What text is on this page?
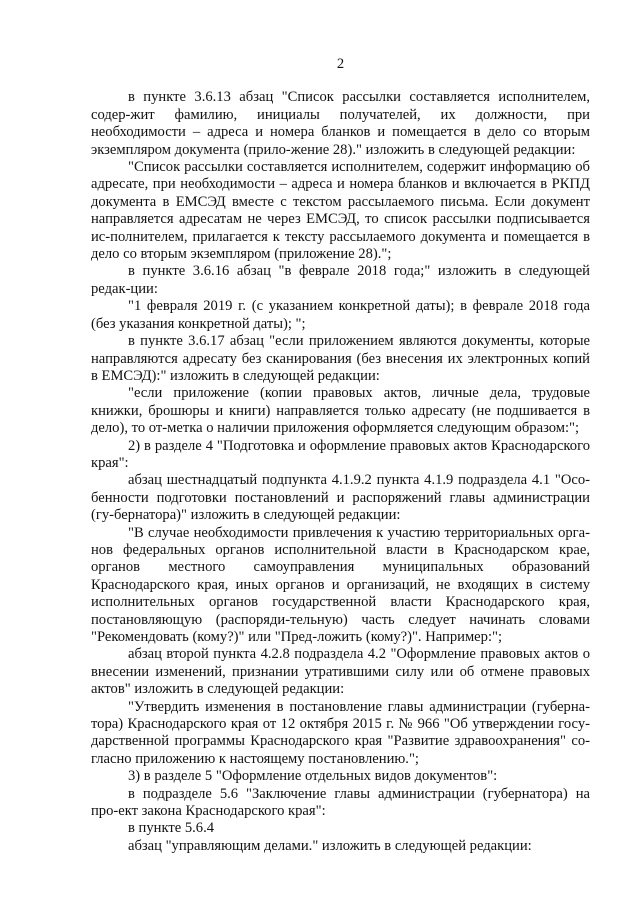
2

в пункте 3.6.13 абзац "Список рассылки составляется исполнителем, содер-жит фамилию, инициалы получателей, их должности, при необходимости – адреса и номера бланков и помещается в дело со вторым экземпляром документа (прило-жение 28)." изложить в следующей редакции:

"Список рассылки составляется исполнителем, содержит информацию об адресате, при необходимости – адреса и номера бланков и включается в РКПД документа в ЕМСЭД вместе с текстом рассылаемого письма. Если документ направляется адресатам не через ЕМСЭД, то список рассылки подписывается ис-полнителем, прилагается к тексту рассылаемого документа и помещается в дело со вторым экземпляром (приложение 28).";

в пункте 3.6.16 абзац "в феврале 2018 года;" изложить в следующей редак-ции:

"1 февраля 2019 г. (с указанием конкретной даты); в феврале 2018 года (без указания конкретной даты); ";

в пункте 3.6.17 абзац "если приложением являются документы, которые направляются адресату без сканирования (без внесения их электронных копий в ЕМСЭД):" изложить в следующей редакции:

"если приложение (копии правовых актов, личные дела, трудовые книжки, брошюры и книги) направляется только адресату (не подшивается в дело), то от-метка о наличии приложения оформляется следующим образом:";

2) в разделе 4 "Подготовка и оформление правовых актов Краснодарского края":

абзац шестнадцатый подпункта 4.1.9.2 пункта 4.1.9 подраздела 4.1 "Осо-бенности подготовки постановлений и распоряжений главы администрации (гу-бернатора)" изложить в следующей редакции:

"В случае необходимости привлечения к участию территориальных орга-нов федеральных органов исполнительной власти в Краснодарском крае, органов местного самоуправления муниципальных образований Краснодарского края, иных органов и организаций, не входящих в систему исполнительных органов государственной власти Краснодарского края, постановляющую (распоряди-тельную) часть следует начинать словами "Рекомендовать (кому?)" или "Пред-ложить (кому?)". Например:";

абзац второй пункта 4.2.8 подраздела 4.2 "Оформление правовых актов о внесении изменений, признании утратившими силу или об отмене правовых актов" изложить в следующей редакции:

"Утвердить изменения в постановление главы администрации (губерна-тора) Краснодарского края от 12 октября 2015 г. № 966 "Об утверждении госу-дарственной программы Краснодарского края "Развитие здравоохранения" со-гласно приложению к настоящему постановлению.";

3) в разделе 5 "Оформление отдельных видов документов":

в подразделе 5.6 "Заключение главы администрации (губернатора) на про-ект закона Краснодарского края":

в пункте 5.6.4

абзац "управляющим делами." изложить в следующей редакции:
